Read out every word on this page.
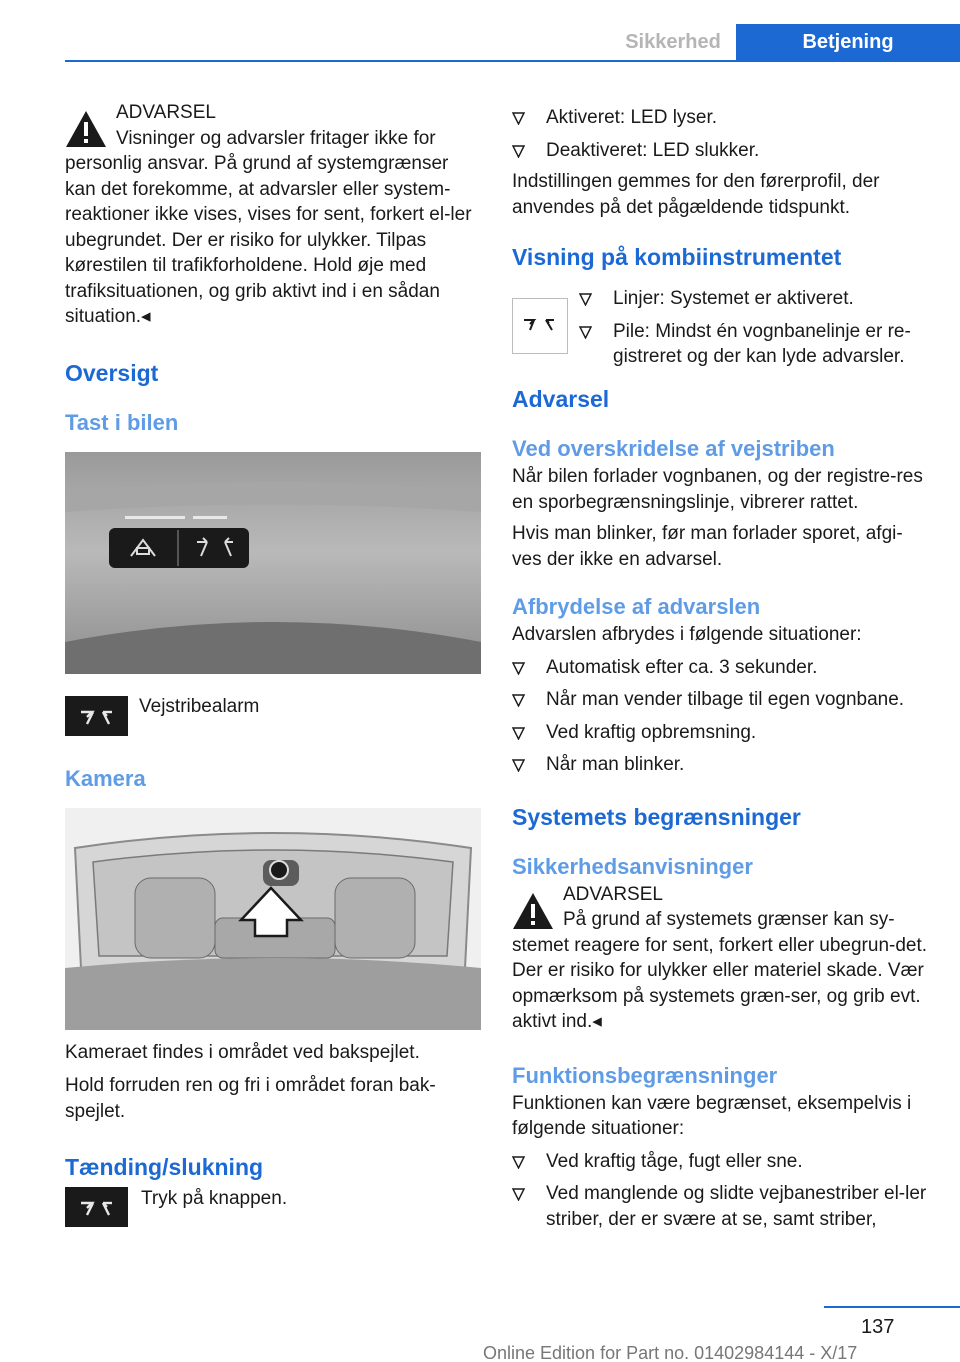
Sikkerhed	Betjening

ADVARSEL

Visninger og advarsler fritager ikke for

personlig ansvar. På grund af systemgrænser kan det forekomme, at advarsler eller system-reaktioner ikke vises, vises for sent, forkert el-ler ubegrundet. Der er risiko for ulykker. Tilpas kørestilen til trafikforholdene. Hold øje med trafiksituationen, og grib aktivt ind i en sådan situation.◂

Oversigt
Tast i bilen

Vejstribealarm

Kamera

Kameraet findes i området ved bakspejlet.

Hold forruden ren og fri i området foran bak-spejlet.

Tænding/slukning

Tryk på knappen.

Aktiveret: LED lyser.
Deaktiveret: LED slukker.

Indstillingen gemmes for den førerprofil, der anvendes på det pågældende tidspunkt.

Visning på kombiinstrumentet
Linjer: Systemet er aktiveret.
Pile: Mindst én vognbanelinje er re-gistreret og der kan lyde advarsler.
Advarsel
Ved overskridelse af vejstriben

Når bilen forlader vognbanen, og der registre-res en sporbegrænsningslinje, vibrerer rattet.

Hvis man blinker, før man forlader sporet, afgi-ves der ikke en advarsel.

Afbrydelse af advarslen

Advarslen afbrydes i følgende situationer:

Automatisk efter ca. 3 sekunder.
Når man vender tilbage til egen vognbane.
Ved kraftig opbremsning.
Når man blinker.
Systemets begrænsninger
Sikkerhedsanvisninger

ADVARSEL

På grund af systemets grænser kan sy-

stemet reagere for sent, forkert eller ubegrun-det. Der er risiko for ulykker eller materiel skade. Vær opmærksom på systemets græn-ser, og grib evt. aktivt ind.◂

Funktionsbegrænsninger

Funktionen kan være begrænset, eksempelvis i følgende situationer:

Ved kraftig tåge, fugt eller sne.
Ved manglende og slidte vejbanestriber el-ler striber, der er svære at se, samt striber,
137
Online Edition for Part no. 01402984144 - X/17
